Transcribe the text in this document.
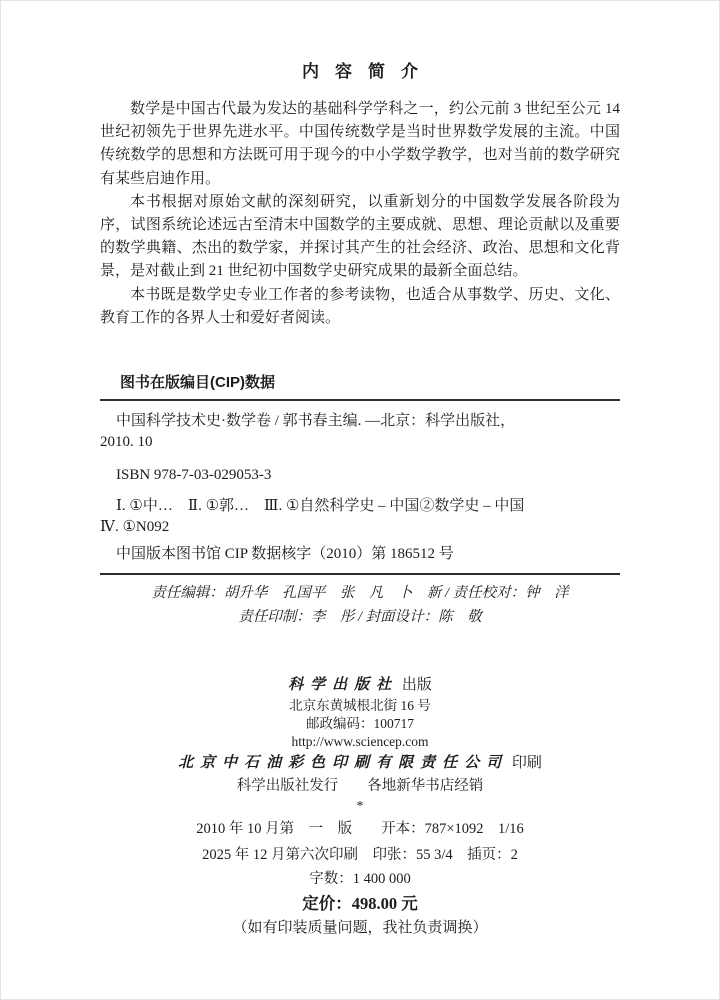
内容简介

数学是中国古代最为发达的基础科学学科之一，约公元前 3 世纪至公元 14 世纪初领先于世界先进水平。中国传统数学是当时世界数学发展的主流。中国传统数学的思想和方法既可用于现今的中小学数学教学，也对当前的数学研究有某些启迪作用。

本书根据对原始文献的深刻研究，以重新划分的中国数学发展各阶段为序，试图系统论述远古至清末中国数学的主要成就、思想、理论贡献以及重要的数学典籍、杰出的数学家，并探讨其产生的社会经济、政治、思想和文化背景，是对截止到 21 世纪初中国数学史研究成果的最新全面总结。

本书既是数学史专业工作者的参考读物，也适合从事数学、历史、文化、教育工作的各界人士和爱好者阅读。

图书在版编目(CIP)数据
中国科学技术史·数学卷 / 郭书春主编. —北京：科学出版社，
2010. 10
ISBN 978-7-03-029053-3
Ⅰ. ①中…　Ⅱ. ①郭…　Ⅲ. ①自然科学史 – 中国②数学史 – 中国
Ⅳ. ①N092
中国版本图书馆 CIP 数据核字（2010）第 186512 号
责任编辑：胡升华　孔国平　张　凡　卜　新 / 责任校对：钟　洋
责任印制：李　彤 / 封面设计：陈　敬
科学出版社 出版
北京东黄城根北街 16 号
邮政编码：100717
http://www.sciencep.com
北京中石油彩色印刷有限责任公司 印刷
科学出版社发行　　各地新华书店经销
*
2010 年 10 月第　一　版　　开本：787×1092　1/16
2025 年 12 月第六次印刷　印张：55 3/4　插页：2
字数：1 400 000
定价：498.00 元
（如有印装质量问题，我社负责调换）
